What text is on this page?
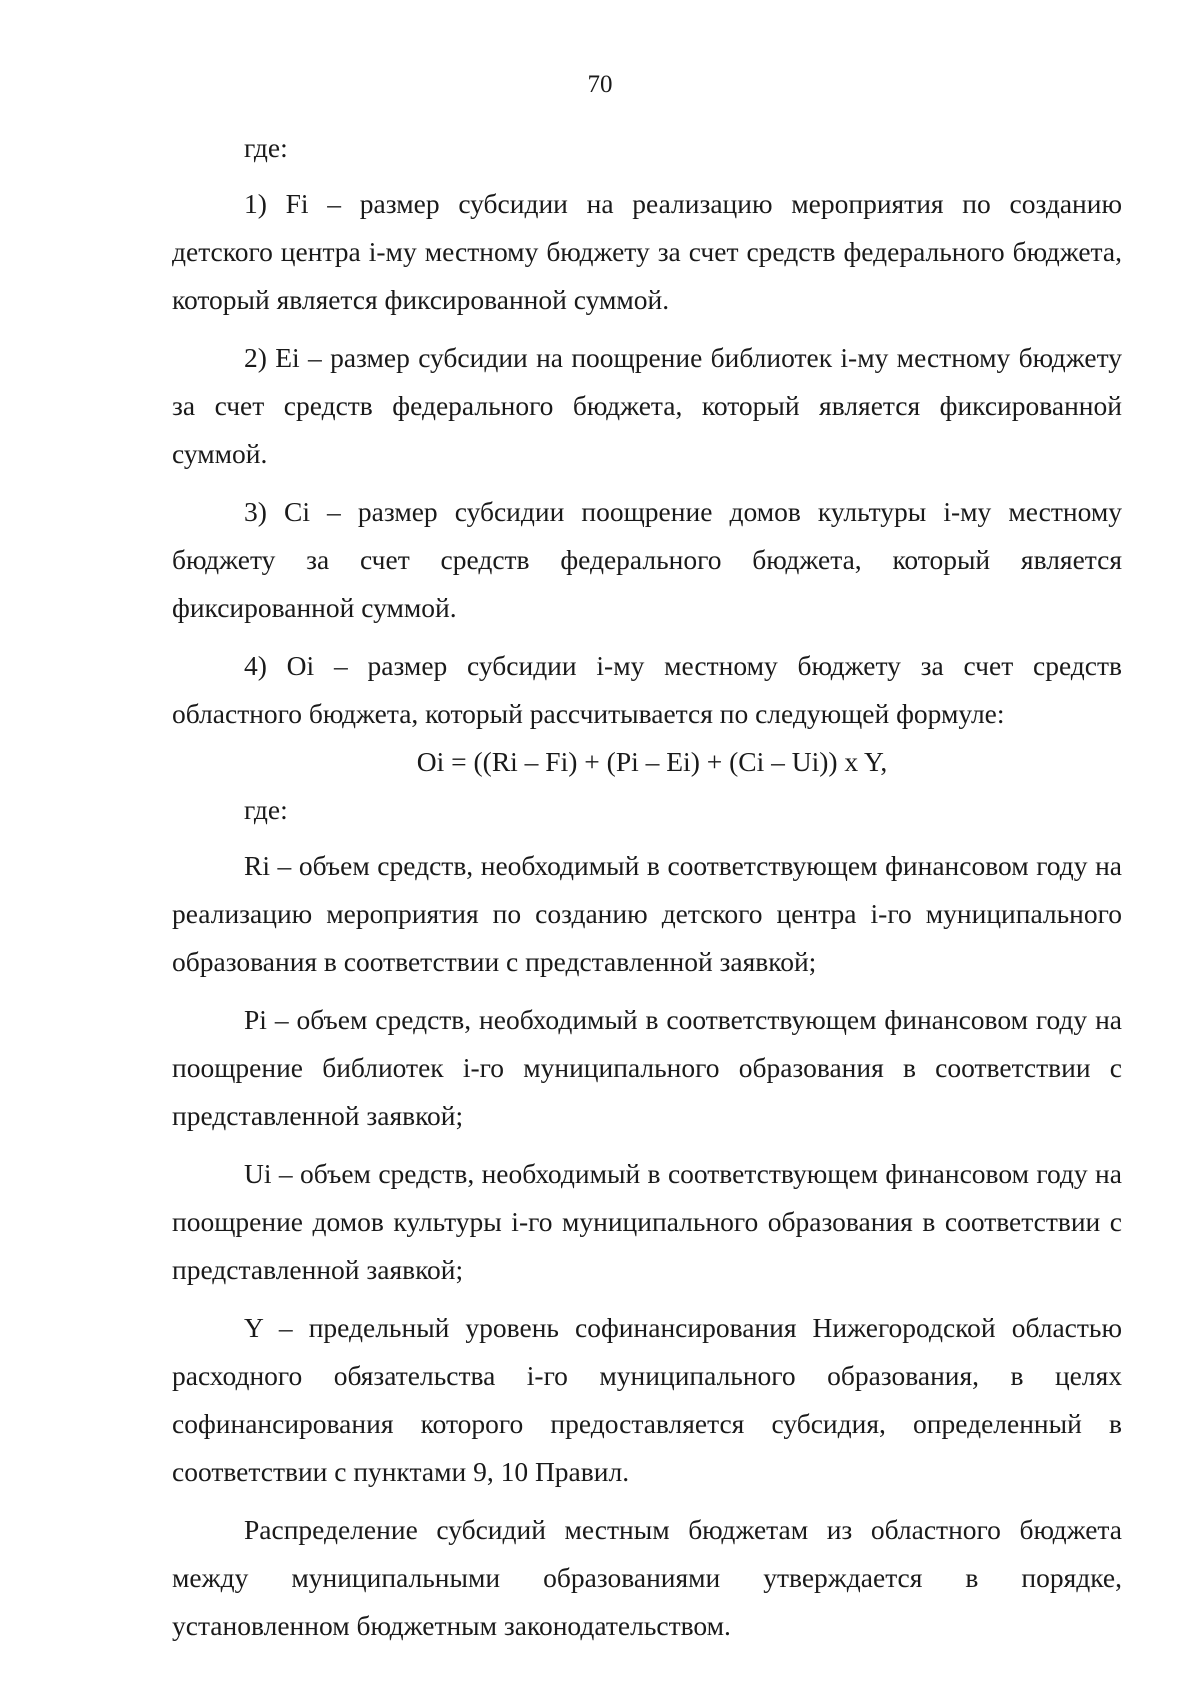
70

где:

1) Fi – размер субсидии на реализацию мероприятия по созданию детского центра i-му местному бюджету за счет средств федерального бюджета, который является фиксированной суммой.

2) Ei – размер субсидии на поощрение библиотек i-му местному бюджету за счет средств федерального бюджета, который является фиксированной суммой.

3) Ci – размер субсидии поощрение домов культуры i-му местному бюджету за счет средств федерального бюджета, который является фиксированной суммой.

4) Oi – размер субсидии i-му местному бюджету за счет средств областного бюджета, который рассчитывается по следующей формуле:

Oi = ((Ri – Fi) + (Pi – Ei) + (Ci – Ui)) x Y,

где:

Ri – объем средств, необходимый в соответствующем финансовом году на реализацию мероприятия по созданию детского центра i-го муниципального образования в соответствии с представленной заявкой;

Pi – объем средств, необходимый в соответствующем финансовом году на поощрение библиотек i-го муниципального образования в соответствии с представленной заявкой;

Ui – объем средств, необходимый в соответствующем финансовом году на поощрение домов культуры i-го муниципального образования в соответствии с представленной заявкой;

Y – предельный уровень софинансирования Нижегородской областью расходного обязательства i-го муниципального образования, в целях софинансирования которого предоставляется субсидия, определенный в соответствии с пунктами 9, 10 Правил.

Распределение субсидий местным бюджетам из областного бюджета между муниципальными образованиями утверждается в порядке, установленном бюджетным законодательством.
